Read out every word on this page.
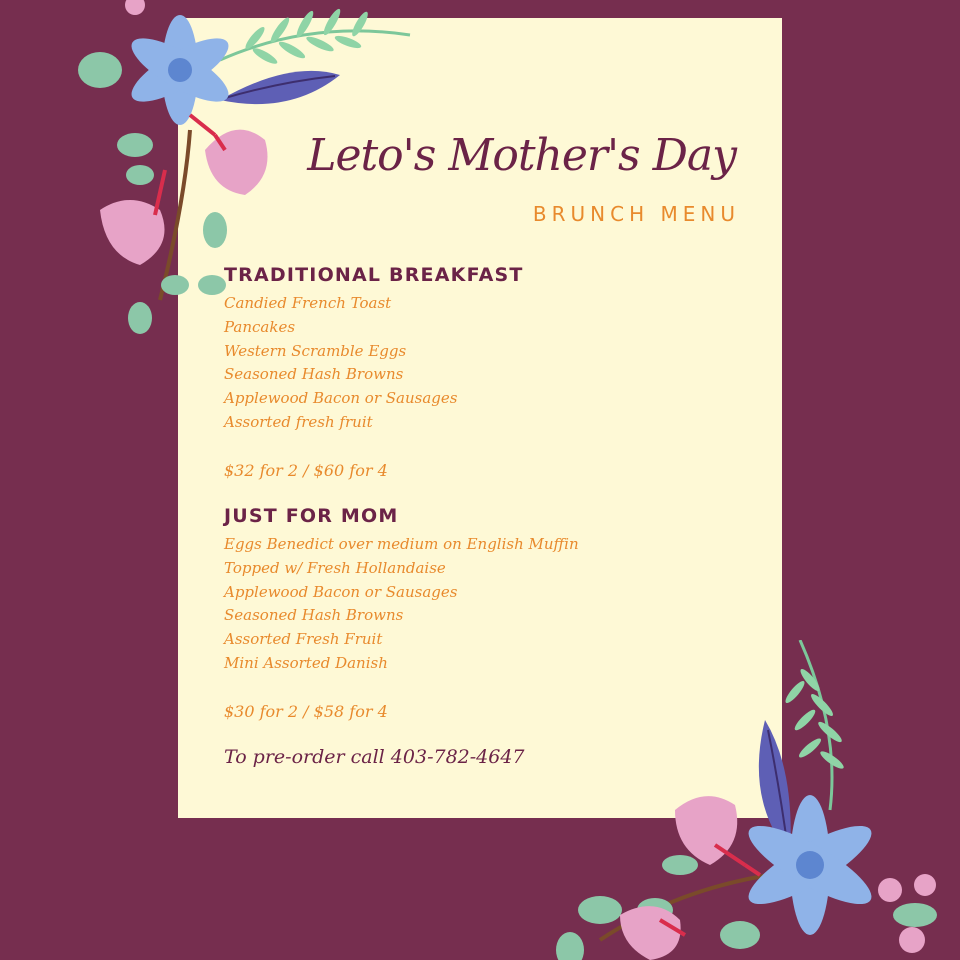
Leto's Mother's Day

BRUNCH MENU

TRADITIONAL BREAKFAST
Candied French Toast
Pancakes
Western Scramble Eggs
Seasoned Hash Browns
Applewood Bacon or Sausages
Assorted fresh fruit

$32 for 2 / $60 for 4

JUST FOR MOM
Eggs Benedict over medium on English Muffin
Topped w/ Fresh Hollandaise
Applewood Bacon or Sausages
Seasoned Hash Browns
Assorted Fresh Fruit
Mini Assorted Danish

$30 for 2 / $58 for 4

To pre-order call 403-782-4647
